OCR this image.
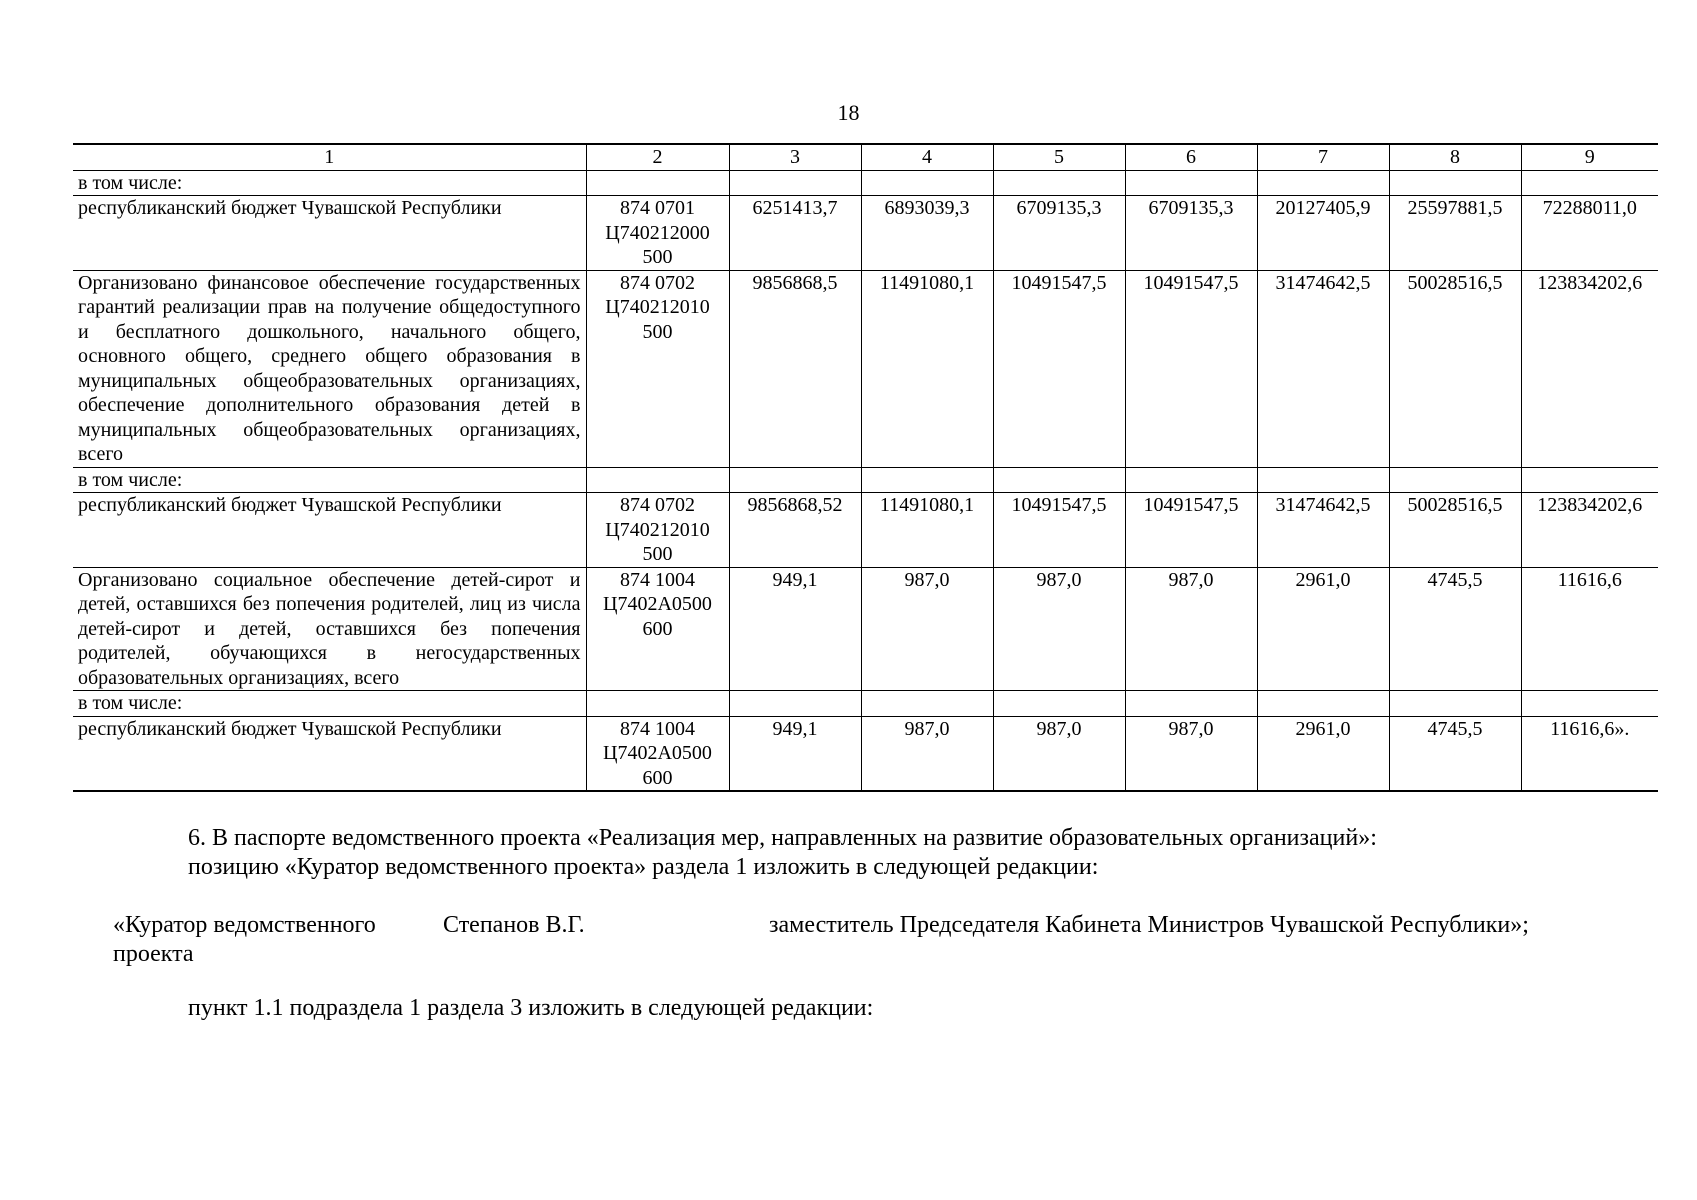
18
1	2	3	4	5	6	7	8	9
в том числе:								
республиканский бюджет Чувашской Республики	874 0701 Ц740212000 500	6251413,7	6893039,3	6709135,3	6709135,3	20127405,9	25597881,5	72288011,0
Организовано финансовое обеспечение государственных гарантий реализации прав на получение общедоступного и бесплатного дошкольного, начального общего, основного общего, среднего общего образования в муниципальных общеобразовательных организациях, обеспечение дополнительного образования детей в муниципальных общеобразовательных организациях, всего	874 0702 Ц740212010 500	9856868,5	11491080,1	10491547,5	10491547,5	31474642,5	50028516,5	123834202,6
в том числе:								
республиканский бюджет Чувашской Республики	874 0702 Ц740212010 500	9856868,52	11491080,1	10491547,5	10491547,5	31474642,5	50028516,5	123834202,6
Организовано социальное обеспечение детей-сирот и детей, оставшихся без попечения родителей, лиц из числа детей-сирот и детей, оставшихся без попечения родителей, обучающихся в негосударственных образовательных организациях, всего	874 1004 Ц7402А0500 600	949,1	987,0	987,0	987,0	2961,0	4745,5	11616,6
в том числе:								
республиканский бюджет Чувашской Республики	874 1004 Ц7402А0500 600	949,1	987,0	987,0	987,0	2961,0	4745,5	11616,6».
6. В паспорте ведомственного проекта «Реализация мер, направленных на развитие образовательных организаций»:
позицию «Куратор ведомственного проекта» раздела 1 изложить в следующей редакции:
«Куратор ведомственного проекта
Степанов В.Г.	заместитель Председателя Кабинета Министров Чувашской Республики»;
пункт 1.1 подраздела 1 раздела 3 изложить в следующей редакции:
